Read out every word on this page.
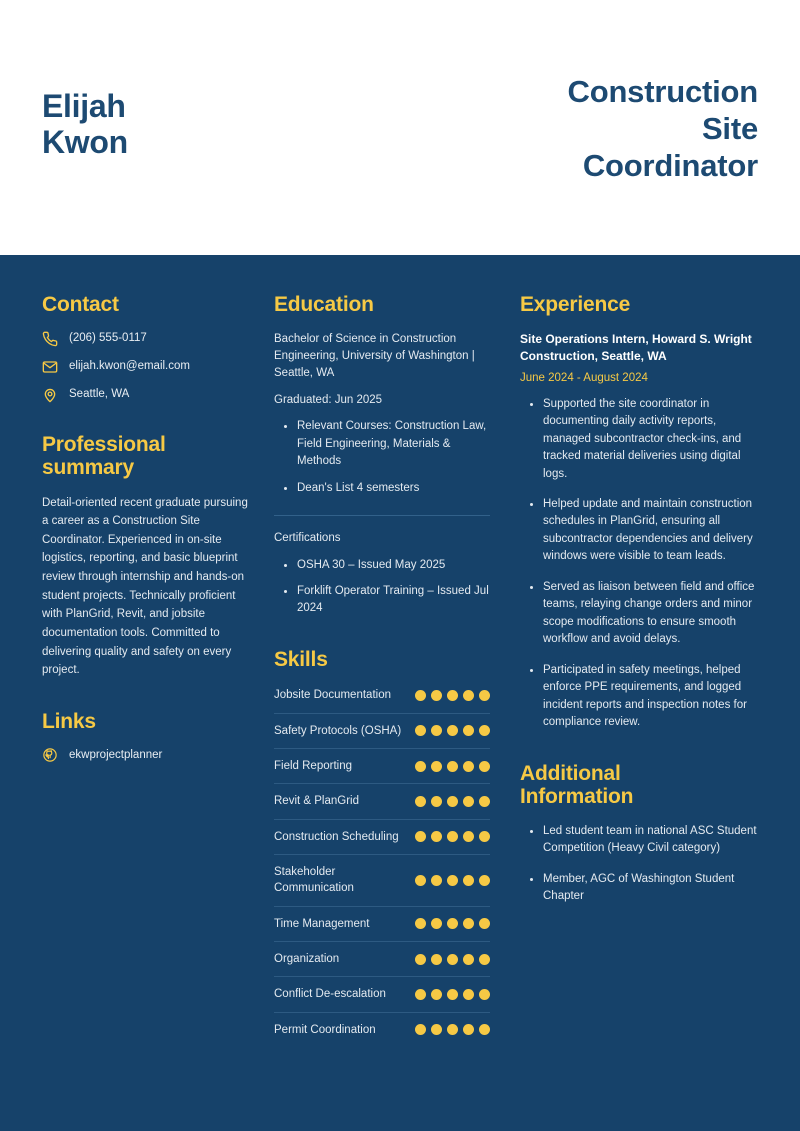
Elijah
Kwon
Construction
Site
Coordinator
Contact
(206) 555-0117
elijah.kwon@email.com
Seattle, WA
Professional
summary
Detail-oriented recent graduate pursuing a career as a Construction Site Coordinator. Experienced in on-site logistics, reporting, and basic blueprint review through internship and hands-on student projects. Technically proficient with PlanGrid, Revit, and jobsite documentation tools. Committed to delivering quality and safety on every project.
Links
ekwprojectplanner
Education
Bachelor of Science in Construction Engineering, University of Washington | Seattle, WA
Graduated: Jun 2025
Relevant Courses: Construction Law, Field Engineering, Materials & Methods
Dean's List 4 semesters
Certifications
OSHA 30 – Issued May 2025
Forklift Operator Training – Issued Jul 2024
Skills
Jobsite Documentation
Safety Protocols (OSHA)
Field Reporting
Revit & PlanGrid
Construction Scheduling
Stakeholder Communication
Time Management
Organization
Conflict De-escalation
Permit Coordination
Experience
Site Operations Intern, Howard S. Wright Construction, Seattle, WA
June 2024 - August 2024
Supported the site coordinator in documenting daily activity reports, managed subcontractor check-ins, and tracked material deliveries using digital logs.
Helped update and maintain construction schedules in PlanGrid, ensuring all subcontractor dependencies and delivery windows were visible to team leads.
Served as liaison between field and office teams, relaying change orders and minor scope modifications to ensure smooth workflow and avoid delays.
Participated in safety meetings, helped enforce PPE requirements, and logged incident reports and inspection notes for compliance review.
Additional
Information
Led student team in national ASC Student Competition (Heavy Civil category)
Member, AGC of Washington Student Chapter
